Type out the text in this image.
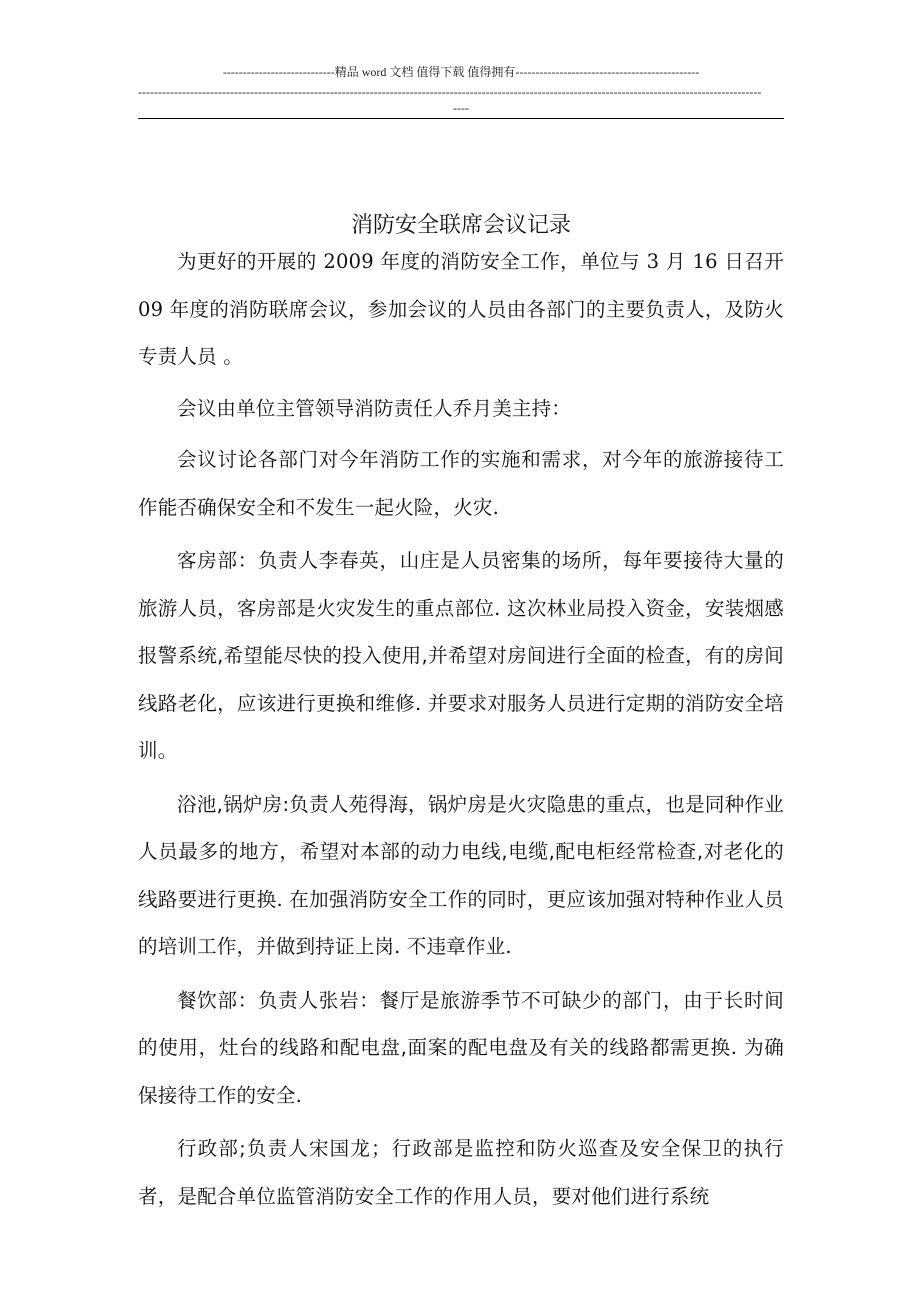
----------------------------精品 word 文档 值得下载 值得拥有----------------------------------------------
------------------------------------------------------------------------------------------------------------------------------------------------------------
----
消防安全联席会议记录

为更好的开展的 2009 年度的消防安全工作，单位与 3 月 16 日召开 09 年度的消防联席会议，参加会议的人员由各部门的主要负责人，及防火专责人员 。

会议由单位主管领导消防责任人乔月美主持：

会议讨论各部门对今年消防工作的实施和需求，对今年的旅游接待工作能否确保安全和不发生一起火险，火灾.

客房部：负责人李春英，山庄是人员密集的场所，每年要接待大量的旅游人员，客房部是火灾发生的重点部位. 这次林业局投入资金，安装烟感报警系统,希望能尽快的投入使用,并希望对房间进行全面的检查，有的房间线路老化，应该进行更换和维修. 并要求对服务人员进行定期的消防安全培训。

浴池,锅炉房:负责人苑得海，锅炉房是火灾隐患的重点，也是同种作业人员最多的地方，希望对本部的动力电线,电缆,配电柜经常检查,对老化的线路要进行更换. 在加强消防安全工作的同时，更应该加强对特种作业人员的培训工作，并做到持证上岗. 不违章作业.

餐饮部：负责人张岩：餐厅是旅游季节不可缺少的部门，由于长时间的使用，灶台的线路和配电盘,面案的配电盘及有关的线路都需更换. 为确保接待工作的安全.

行政部;负责人宋国龙；行政部是监控和防火巡查及安全保卫的执行者，是配合单位监管消防安全工作的作用人员，要对他们进行系统
